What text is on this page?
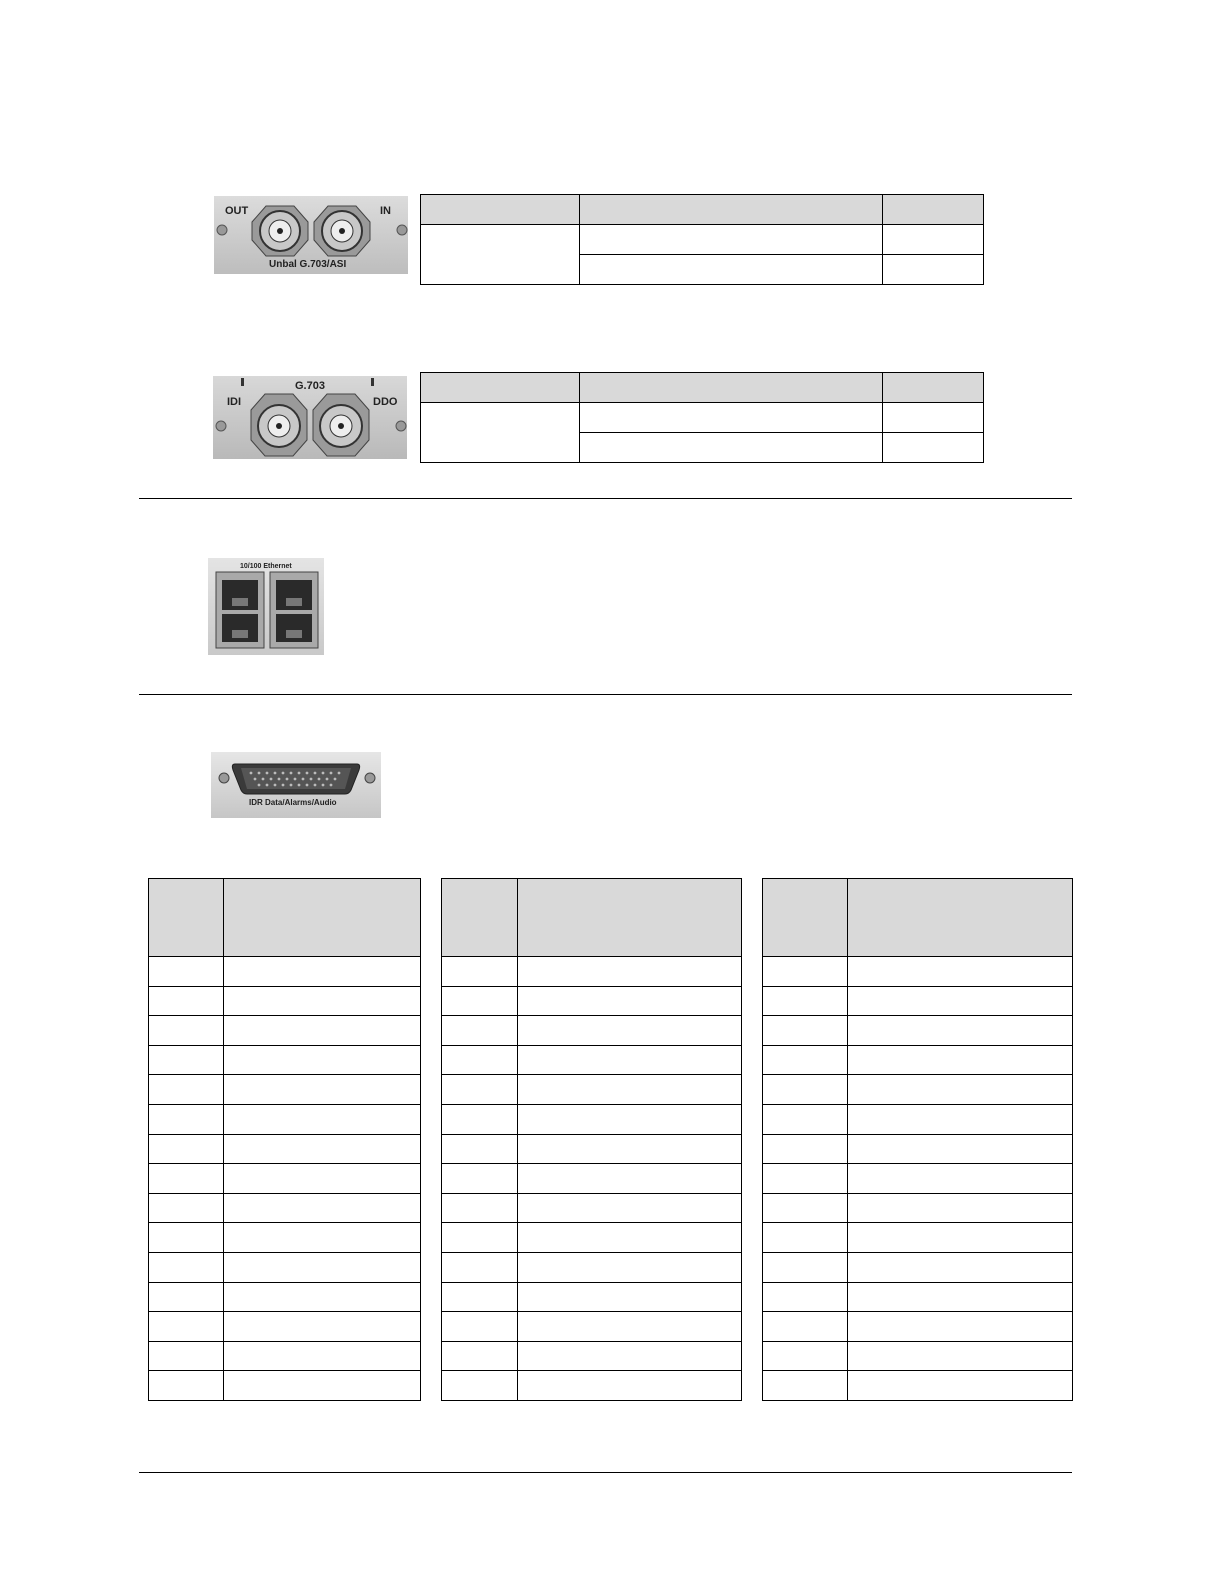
OUT	IN
Unbal G.703/ASI

G.703
IDI	DDO

10/100 Ethernet
IDR Data/Alarms/Audio
